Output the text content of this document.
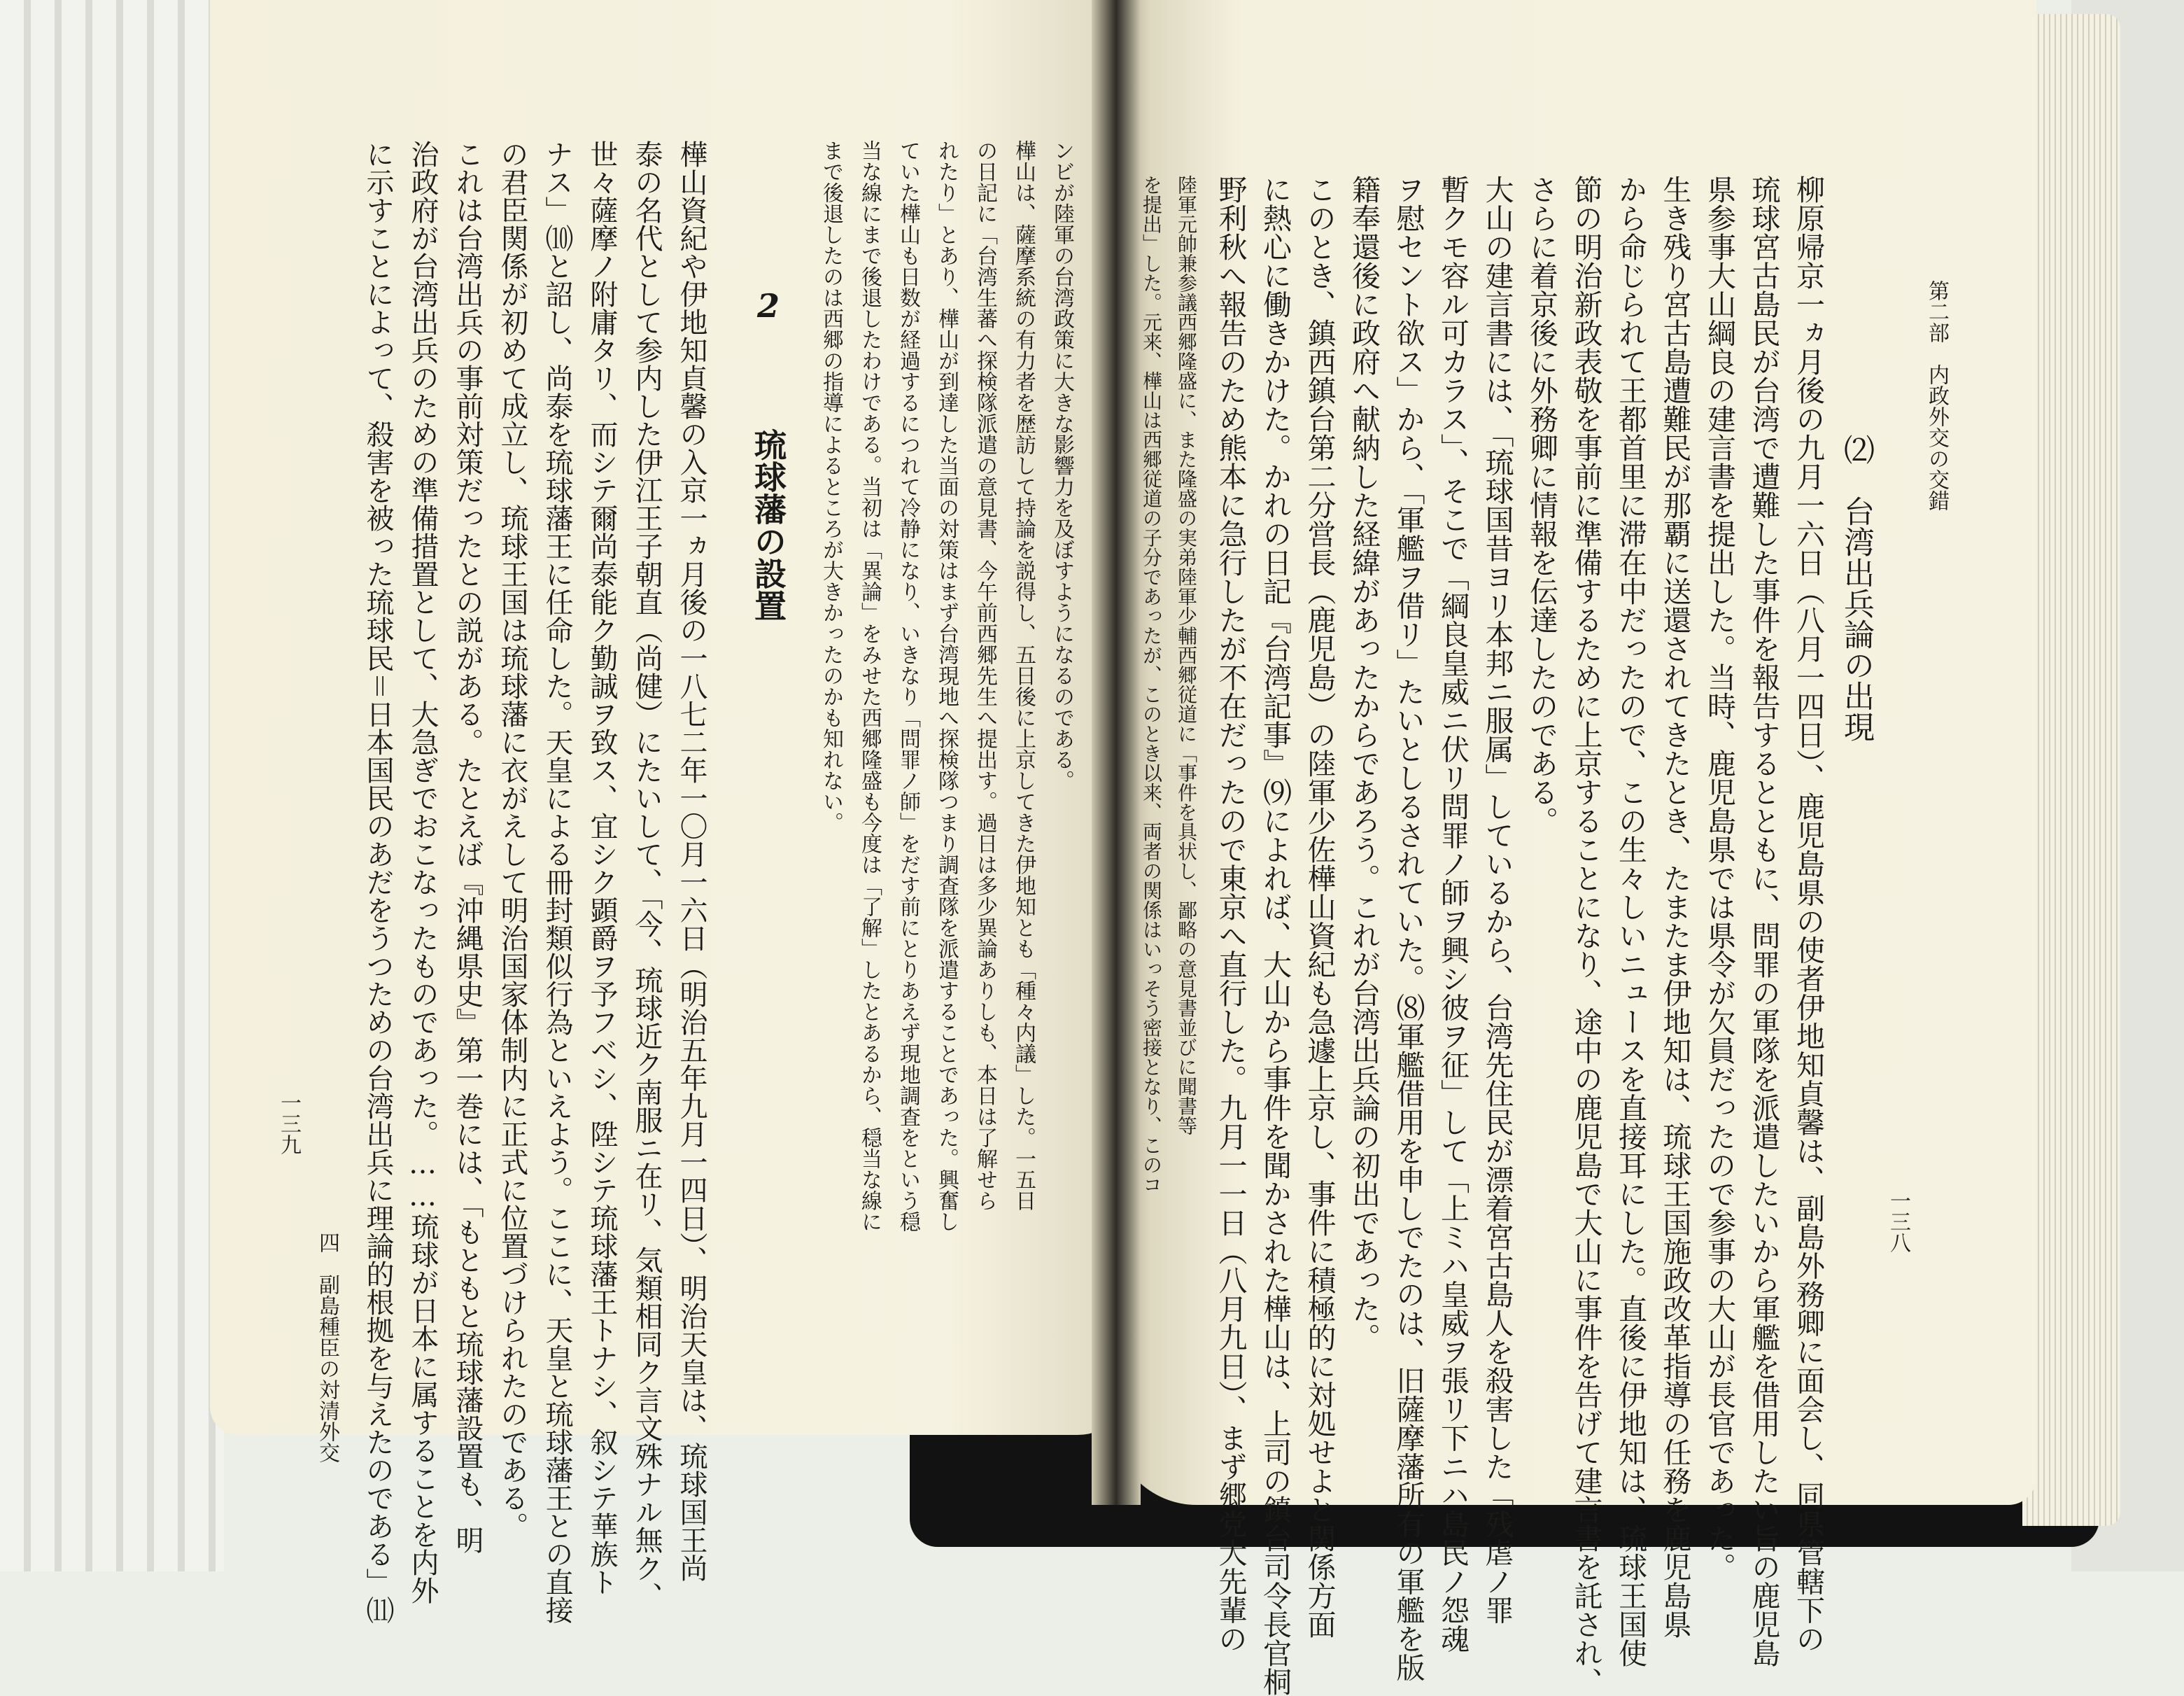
第二部　内政外交の交錯
⑵　台湾出兵論の出現
一三八
柳原帰京一ヵ月後の九月一六日（八月一四日）、鹿児島県の使者伊地知貞馨は、副島外務卿に面会し、同県管轄下の
琉球宮古島民が台湾で遭難した事件を報告するとともに、問罪の軍隊を派遣したいから軍艦を借用したい旨の鹿児島
県参事大山綱良の建言書を提出した。当時、鹿児島県では県令が欠員だったので参事の大山が長官であった。
生き残り宮古島遭難民が那覇に送還されてきたとき、たまたま伊地知は、琉球王国施政改革指導の任務を鹿児島県
から命じられて王都首里に滞在中だったので、この生々しいニュースを直接耳にした。直後に伊地知は、琉球王国使
節の明治新政表敬を事前に準備するために上京することになり、途中の鹿児島で大山に事件を告げて建言書を託され、
さらに着京後に外務卿に情報を伝達したのである。
大山の建言書には、「琉球国昔ヨリ本邦ニ服属」しているから、台湾先住民が漂着宮古島人を殺害した「残虐ノ罪
暫クモ容ル可カラス」、そこで「綱良皇威ニ伏リ問罪ノ師ヲ興シ彼ヲ征」して「上ミハ皇威ヲ張リ下ニハ島民ノ怨魂
ヲ慰セント欲ス」から、「軍艦ヲ借リ」たいとしるされていた。⑻軍艦借用を申しでたのは、旧薩摩藩所有の軍艦を版
籍奉還後に政府へ献納した経緯があったからであろう。これが台湾出兵論の初出であった。
このとき、鎮西鎮台第二分営長（鹿児島）の陸軍少佐樺山資紀も急遽上京し、事件に積極的に対処せよと関係方面
に熱心に働きかけた。かれの日記『台湾記事』⑼によれば、大山から事件を聞かされた樺山は、上司の鎮台司令長官桐
野利秋へ報告のため熊本に急行したが不在だったので東京へ直行した。九月一一日（八月九日）、まず郷党大先輩の
陸軍元帥兼参議西郷隆盛に、また隆盛の実弟陸軍少輔西郷従道に「事件を具状し、鄙略の意見書並びに聞書等
を提出」した。元来、樺山は西郷従道の子分であったが、このとき以来、両者の関係はいっそう密接となり、このコ
ンビが陸軍の台湾政策に大きな影響力を及ぼすようになるのである。
樺山は、薩摩系統の有力者を歴訪して持論を説得し、五日後に上京してきた伊地知とも「種々内議」した。一五日
の日記に「台湾生蕃へ探検隊派遣の意見書、今午前西郷先生へ提出す。過日は多少異論ありしも、本日は了解せら
れたり」とあり、樺山が到達した当面の対策はまず台湾現地へ探検隊つまり調査隊を派遣することであった。興奮し
ていた樺山も日数が経過するにつれて冷静になり、いきなり「問罪ノ師」をだす前にとりあえず現地調査をという穏
当な線にまで後退したわけである。当初は「異論」をみせた西郷隆盛も今度は「了解」したとあるから、穏当な線に
まで後退したのは西郷の指導によるところが大きかったのかも知れない。
2  琉球藩の設置
樺山資紀や伊地知貞馨の入京一ヵ月後の一八七二年一〇月一六日（明治五年九月一四日）、明治天皇は、琉球国王尚
泰の名代として参内した伊江王子朝直（尚健）にたいして、「今、琉球近ク南服ニ在リ、気類相同ク言文殊ナル無ク、
世々薩摩ノ附庸タリ、而シテ爾尚泰能ク勤誠ヲ致ス、宜シク顕爵ヲ予フベシ、陞シテ琉球藩王トナシ、叙シテ華族ト
ナス」⑽と詔し、尚泰を琉球藩王に任命した。天皇による冊封類似行為といえよう。ここに、天皇と琉球藩王との直接
の君臣関係が初めて成立し、琉球王国は琉球藩に衣がえして明治国家体制内に正式に位置づけられたのである。
これは台湾出兵の事前対策だったとの説がある。たとえば『沖縄県史』第一巻には、「もともと琉球藩設置も、明
治政府が台湾出兵のための準備措置として、大急ぎでおこなったものであった。……琉球が日本に属することを内外
に示すことによって、殺害を被った琉球民＝日本国民のあだをうつための台湾出兵に理論的根拠を与えたのである」⑾
四　副島種臣の対清外交
一三九
